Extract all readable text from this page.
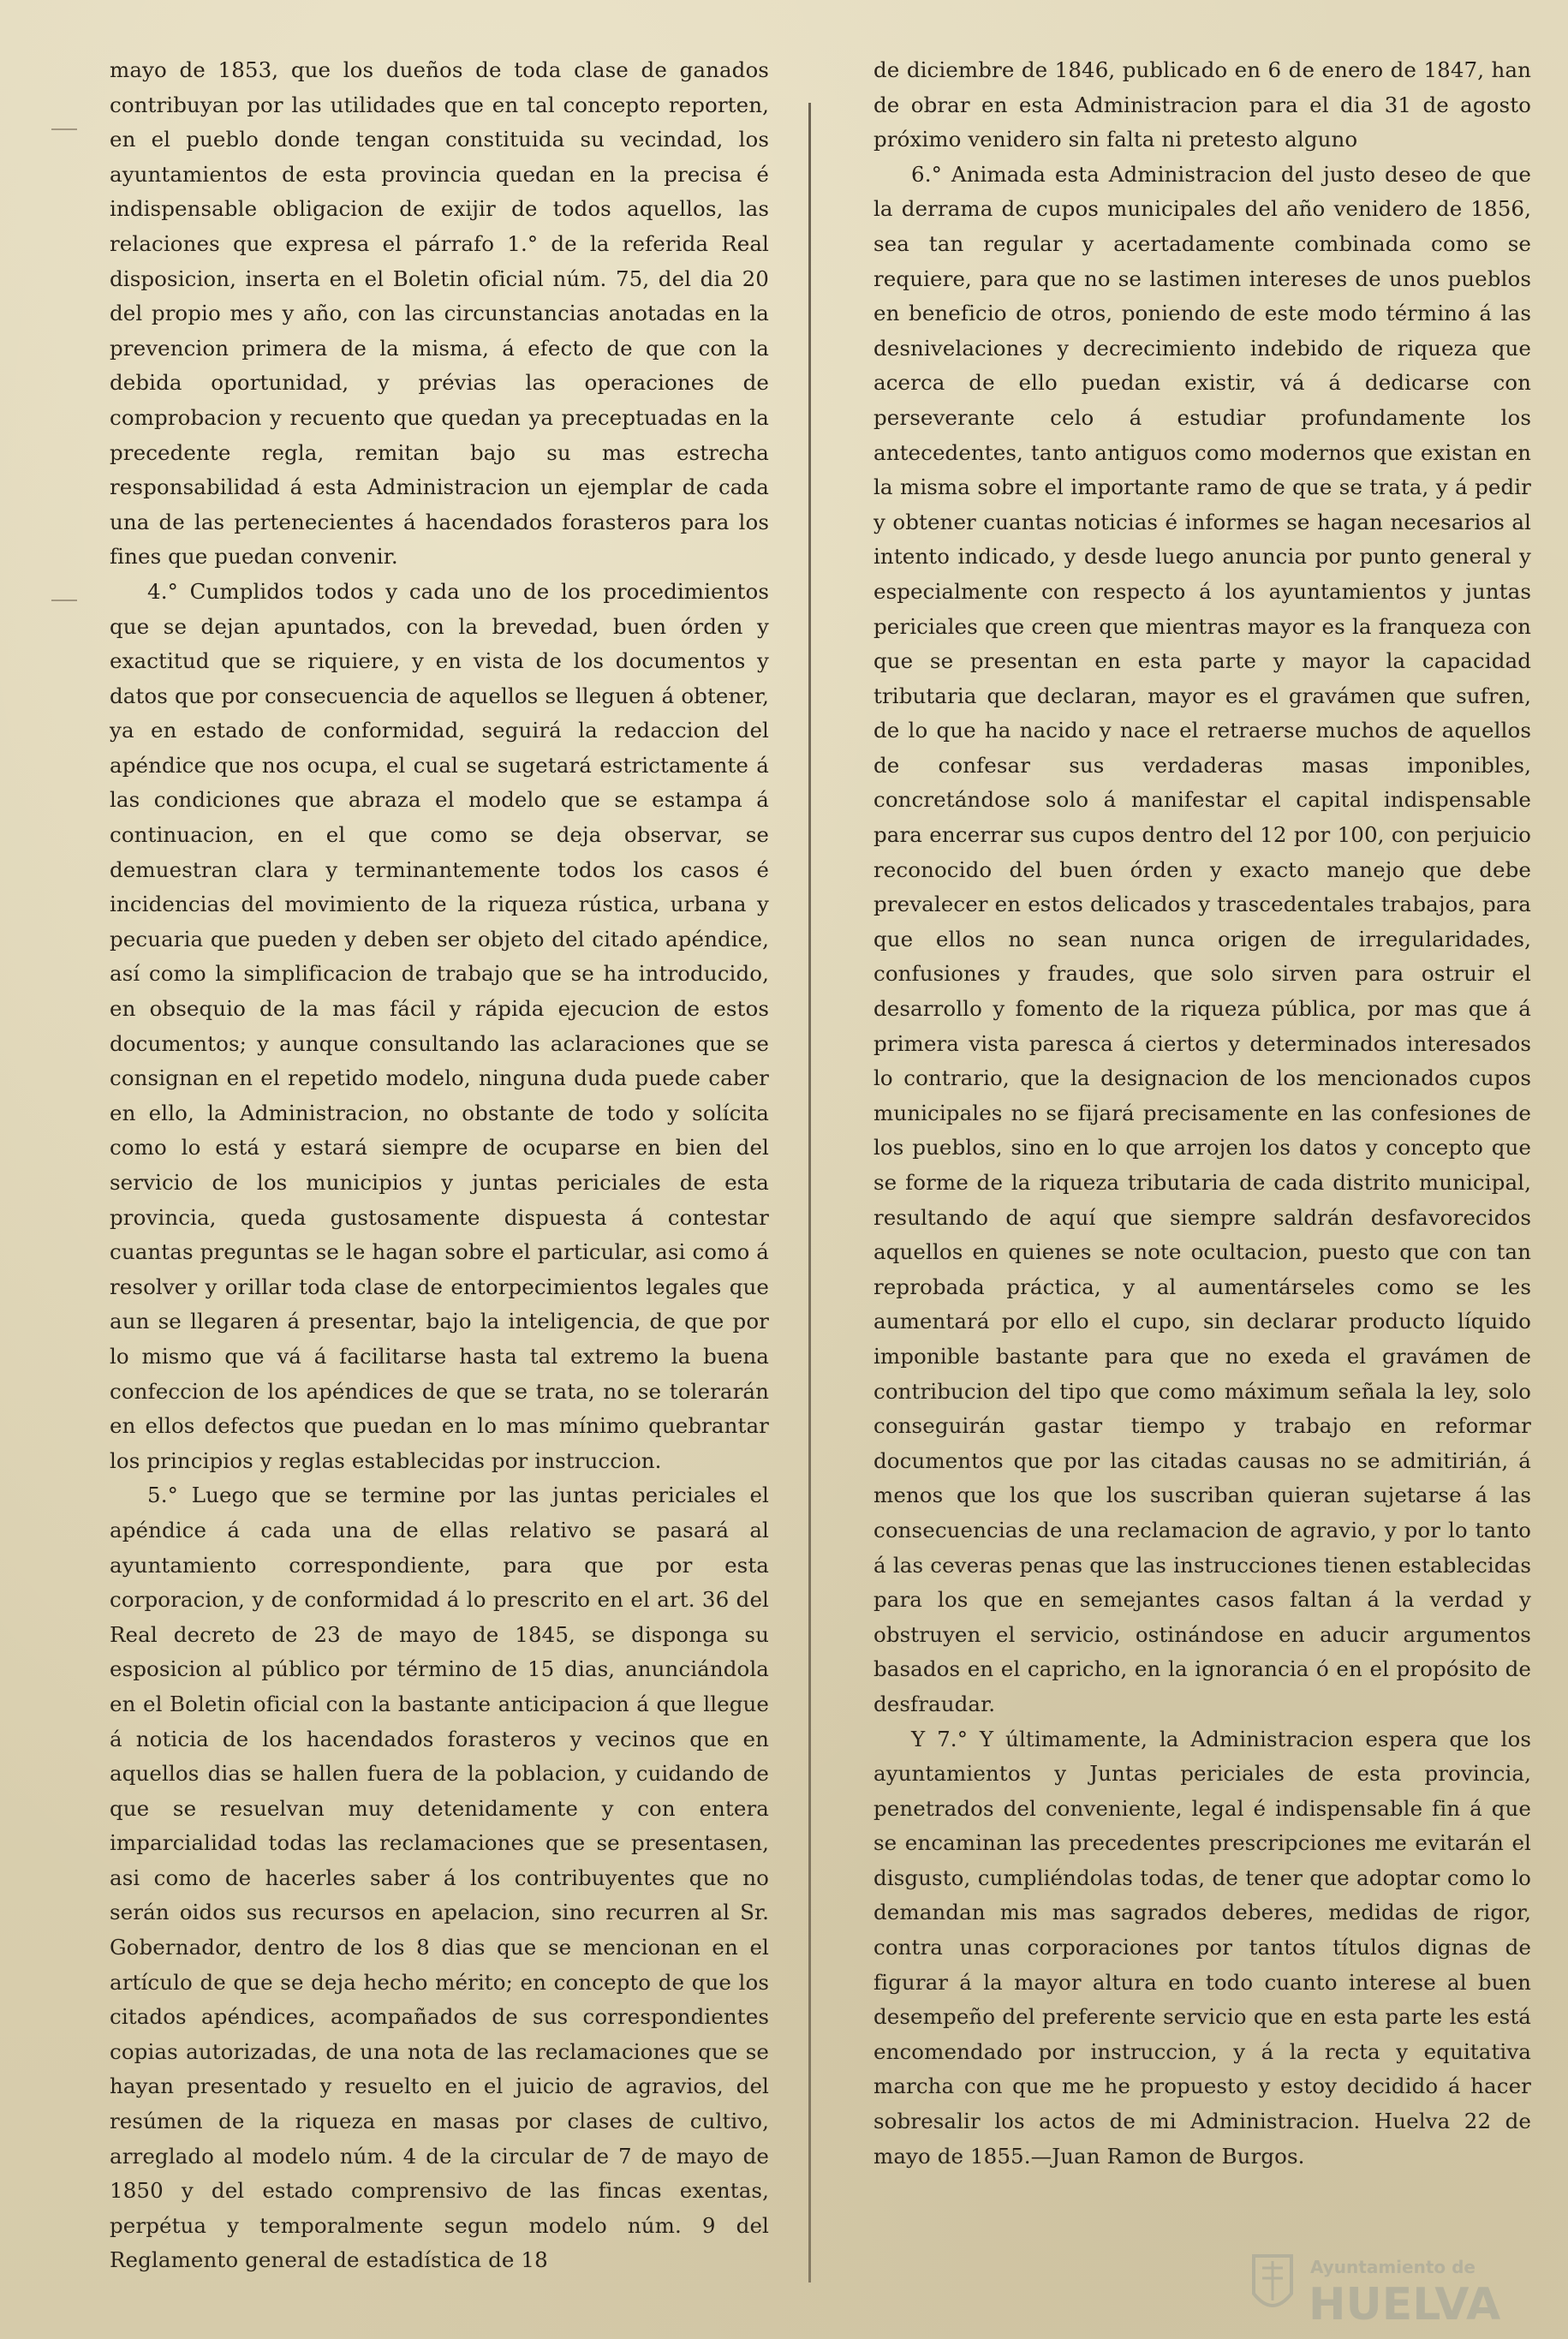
mayo de 1853, que los dueños de toda clase de ganados contribuyan por las utilidades que en tal concepto reporten, en el pueblo donde tengan constituida su vecindad, los ayuntamientos de esta provincia quedan en la precisa é indispensable obligacion de exijir de todos aquellos, las relaciones que expresa el párrafo 1.° de la referida Real disposicion, inserta en el Boletin oficial núm. 75, del dia 20 del propio mes y año, con las circunstancias anotadas en la prevencion primera de la misma, á efecto de que con la debida oportunidad, y prévias las operaciones de comprobacion y recuento que quedan ya preceptuadas en la precedente regla, remitan bajo su mas estrecha responsabilidad á esta Administracion un ejemplar de cada una de las pertenecientes á hacendados forasteros para los fines que puedan convenir.

4.° Cumplidos todos y cada uno de los procedimientos que se dejan apuntados, con la brevedad, buen órden y exactitud que se riquiere, y en vista de los documentos y datos que por consecuencia de aquellos se lleguen á obtener, ya en estado de conformidad, seguirá la redaccion del apéndice que nos ocupa, el cual se sugetará estrictamente á las condiciones que abraza el modelo que se estampa á continuacion, en el que como se deja observar, se demuestran clara y terminantemente todos los casos é incidencias del movimiento de la riqueza rústica, urbana y pecuaria que pueden y deben ser objeto del citado apéndice, así como la simplificacion de trabajo que se ha introducido, en obsequio de la mas fácil y rápida ejecucion de estos documentos; y aunque consultando las aclaraciones que se consignan en el repetido modelo, ninguna duda puede caber en ello, la Administracion, no obstante de todo y solícita como lo está y estará siempre de ocuparse en bien del servicio de los municipios y juntas periciales de esta provincia, queda gustosamente dispuesta á contestar cuantas preguntas se le hagan sobre el particular, asi como á resolver y orillar toda clase de entorpecimientos legales que aun se llegaren á presentar, bajo la inteligencia, de que por lo mismo que vá á facilitarse hasta tal extremo la buena confeccion de los apéndices de que se trata, no se tolerarán en ellos defectos que puedan en lo mas mínimo quebrantar los principios y reglas establecidas por instruccion.

5.° Luego que se termine por las juntas periciales el apéndice á cada una de ellas relativo se pasará al ayuntamiento correspondiente, para que por esta corporacion, y de conformidad á lo prescrito en el art. 36 del Real decreto de 23 de mayo de 1845, se disponga su esposicion al público por término de 15 dias, anunciándola en el Boletin oficial con la bastante anticipacion á que llegue á noticia de los hacendados forasteros y vecinos que en aquellos dias se hallen fuera de la poblacion, y cuidando de que se resuelvan muy detenidamente y con entera imparcialidad todas las reclamaciones que se presentasen, asi como de hacerles saber á los contribuyentes que no serán oidos sus recursos en apelacion, sino recurren al Sr. Gobernador, dentro de los 8 dias que se mencionan en el artículo de que se deja hecho mérito; en concepto de que los citados apéndices, acompañados de sus correspondientes copias autorizadas, de una nota de las reclamaciones que se hayan presentado y resuelto en el juicio de agravios, del resúmen de la riqueza en masas por clases de cultivo, arreglado al modelo núm. 4 de la circular de 7 de mayo de 1850 y del estado comprensivo de las fincas exentas, perpétua y temporalmente segun modelo núm. 9 del Reglamento general de estadística de 18

de diciembre de 1846, publicado en 6 de enero de 1847, han de obrar en esta Administracion para el dia 31 de agosto próximo venidero sin falta ni pretesto alguno

6.° Animada esta Administracion del justo deseo de que la derrama de cupos municipales del año venidero de 1856, sea tan regular y acertadamente combinada como se requiere, para que no se lastimen intereses de unos pueblos en beneficio de otros, poniendo de este modo término á las desnivelaciones y decrecimiento indebido de riqueza que acerca de ello puedan existir, vá á dedicarse con perseverante celo á estudiar profundamente los antecedentes, tanto antiguos como modernos que existan en la misma sobre el importante ramo de que se trata, y á pedir y obtener cuantas noticias é informes se hagan necesarios al intento indicado, y desde luego anuncia por punto general y especialmente con respecto á los ayuntamientos y juntas periciales que creen que mientras mayor es la franqueza con que se presentan en esta parte y mayor la capacidad tributaria que declaran, mayor es el gravámen que sufren, de lo que ha nacido y nace el retraerse muchos de aquellos de confesar sus verdaderas masas imponibles, concretándose solo á manifestar el capital indispensable para encerrar sus cupos dentro del 12 por 100, con perjuicio reconocido del buen órden y exacto manejo que debe prevalecer en estos delicados y trascedentales trabajos, para que ellos no sean nunca origen de irregularidades, confusiones y fraudes, que solo sirven para ostruir el desarrollo y fomento de la riqueza pública, por mas que á primera vista paresca á ciertos y determinados interesados lo contrario, que la designacion de los mencionados cupos municipales no se fijará precisamente en las confesiones de los pueblos, sino en lo que arrojen los datos y concepto que se forme de la riqueza tributaria de cada distrito municipal, resultando de aquí que siempre saldrán desfavorecidos aquellos en quienes se note ocultacion, puesto que con tan reprobada práctica, y al aumentárseles como se les aumentará por ello el cupo, sin declarar producto líquido imponible bastante para que no exeda el gravámen de contribucion del tipo que como máximum señala la ley, solo conseguirán gastar tiempo y trabajo en reformar documentos que por las citadas causas no se admitirián, á menos que los que los suscriban quieran sujetarse á las consecuencias de una reclamacion de agravio, y por lo tanto á las ceveras penas que las instrucciones tienen establecidas para los que en semejantes casos faltan á la verdad y obstruyen el servicio, ostinándose en aducir argumentos basados en el capricho, en la ignorancia ó en el propósito de desfraudar.

Y 7.° Y últimamente, la Administracion espera que los ayuntamientos y Juntas periciales de esta provincia, penetrados del conveniente, legal é indispensable fin á que se encaminan las precedentes prescripciones me evitarán el disgusto, cumpliéndolas todas, de tener que adoptar como lo demandan mis mas sagrados deberes, medidas de rigor, contra unas corporaciones por tantos títulos dignas de figurar á la mayor altura en todo cuanto interese al buen desempeño del preferente servicio que en esta parte les está encomendado por instruccion, y á la recta y equitativa marcha con que me he propuesto y estoy decidido á hacer sobresalir los actos de mi Administracion. Huelva 22 de mayo de 1855.—Juan Ramon de Burgos.

Ayuntamiento de
HUELVA
